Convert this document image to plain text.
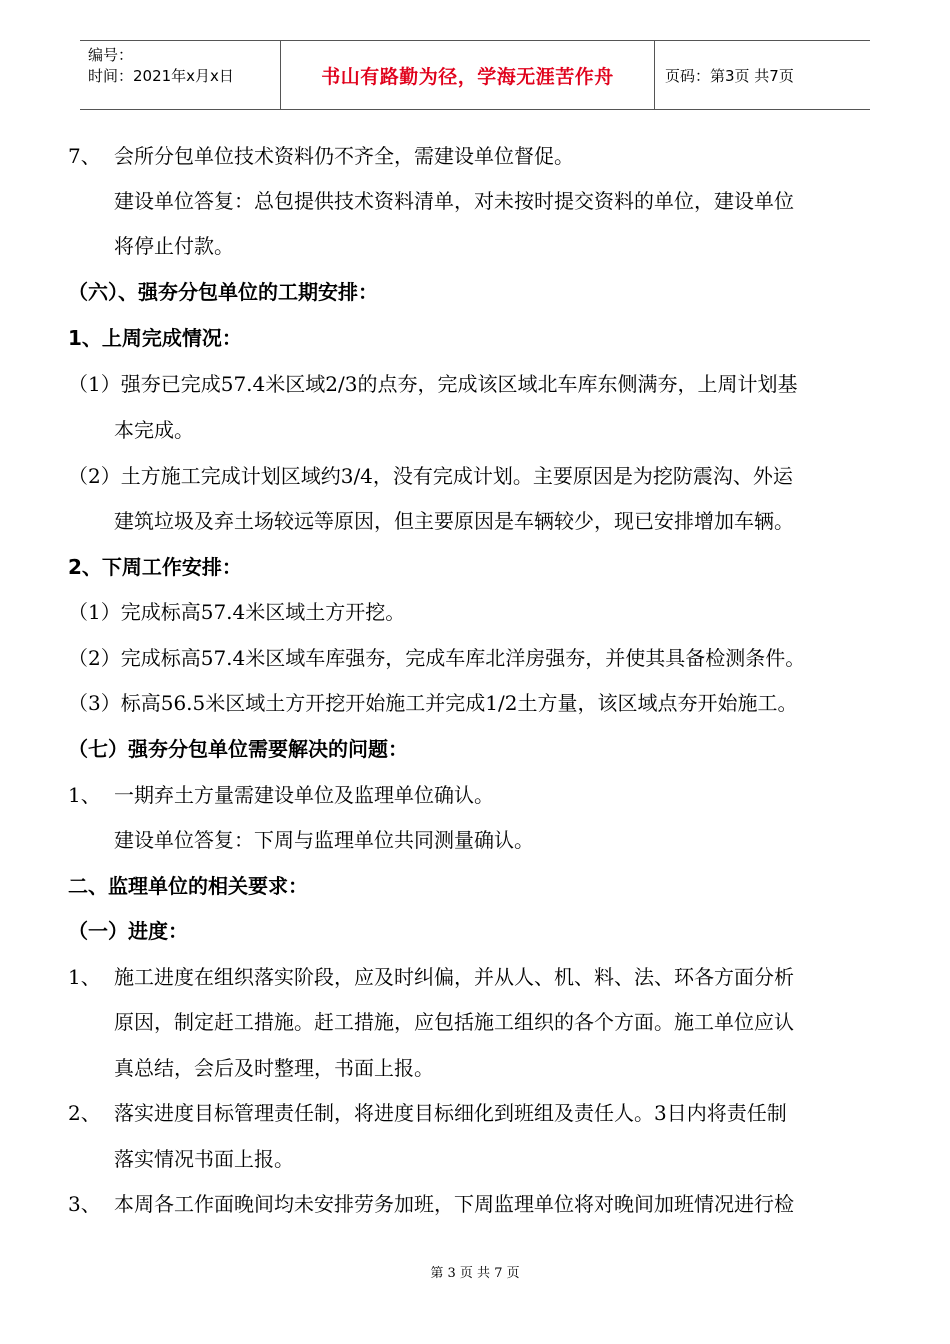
编号：
时间：2021年x月x日	书山有路勤为径，学海无涯苦作舟	页码：第3页 共7页
7、 会所分包单位技术资料仍不齐全，需建设单位督促。
建设单位答复：总包提供技术资料清单，对未按时提交资料的单位，建设单位
将停止付款。
（六）、强夯分包单位的工期安排：
1、上周完成情况：
（1）强夯已完成57.4米区域2/3的点夯，完成该区域北车库东侧满夯，上周计划基
本完成。
（2）土方施工完成计划区域约3/4，没有完成计划。主要原因是为挖防震沟、外运
建筑垃圾及弃土场较远等原因，但主要原因是车辆较少，现已安排增加车辆。
2、下周工作安排：
（1）完成标高57.4米区域土方开挖。
（2）完成标高57.4米区域车库强夯，完成车库北洋房强夯，并使其具备检测条件。
（3）标高56.5米区域土方开挖开始施工并完成1/2土方量，该区域点夯开始施工。
（七）强夯分包单位需要解决的问题：
1、 一期弃土方量需建设单位及监理单位确认。
建设单位答复：下周与监理单位共同测量确认。
二、监理单位的相关要求：
（一）进度：
1、 施工进度在组织落实阶段，应及时纠偏，并从人、机、料、法、环各方面分析
原因，制定赶工措施。赶工措施，应包括施工组织的各个方面。施工单位应认
真总结，会后及时整理，书面上报。
2、 落实进度目标管理责任制，将进度目标细化到班组及责任人。3日内将责任制
落实情况书面上报。
3、 本周各工作面晚间均未安排劳务加班，下周监理单位将对晚间加班情况进行检
第 3 页 共 7 页
